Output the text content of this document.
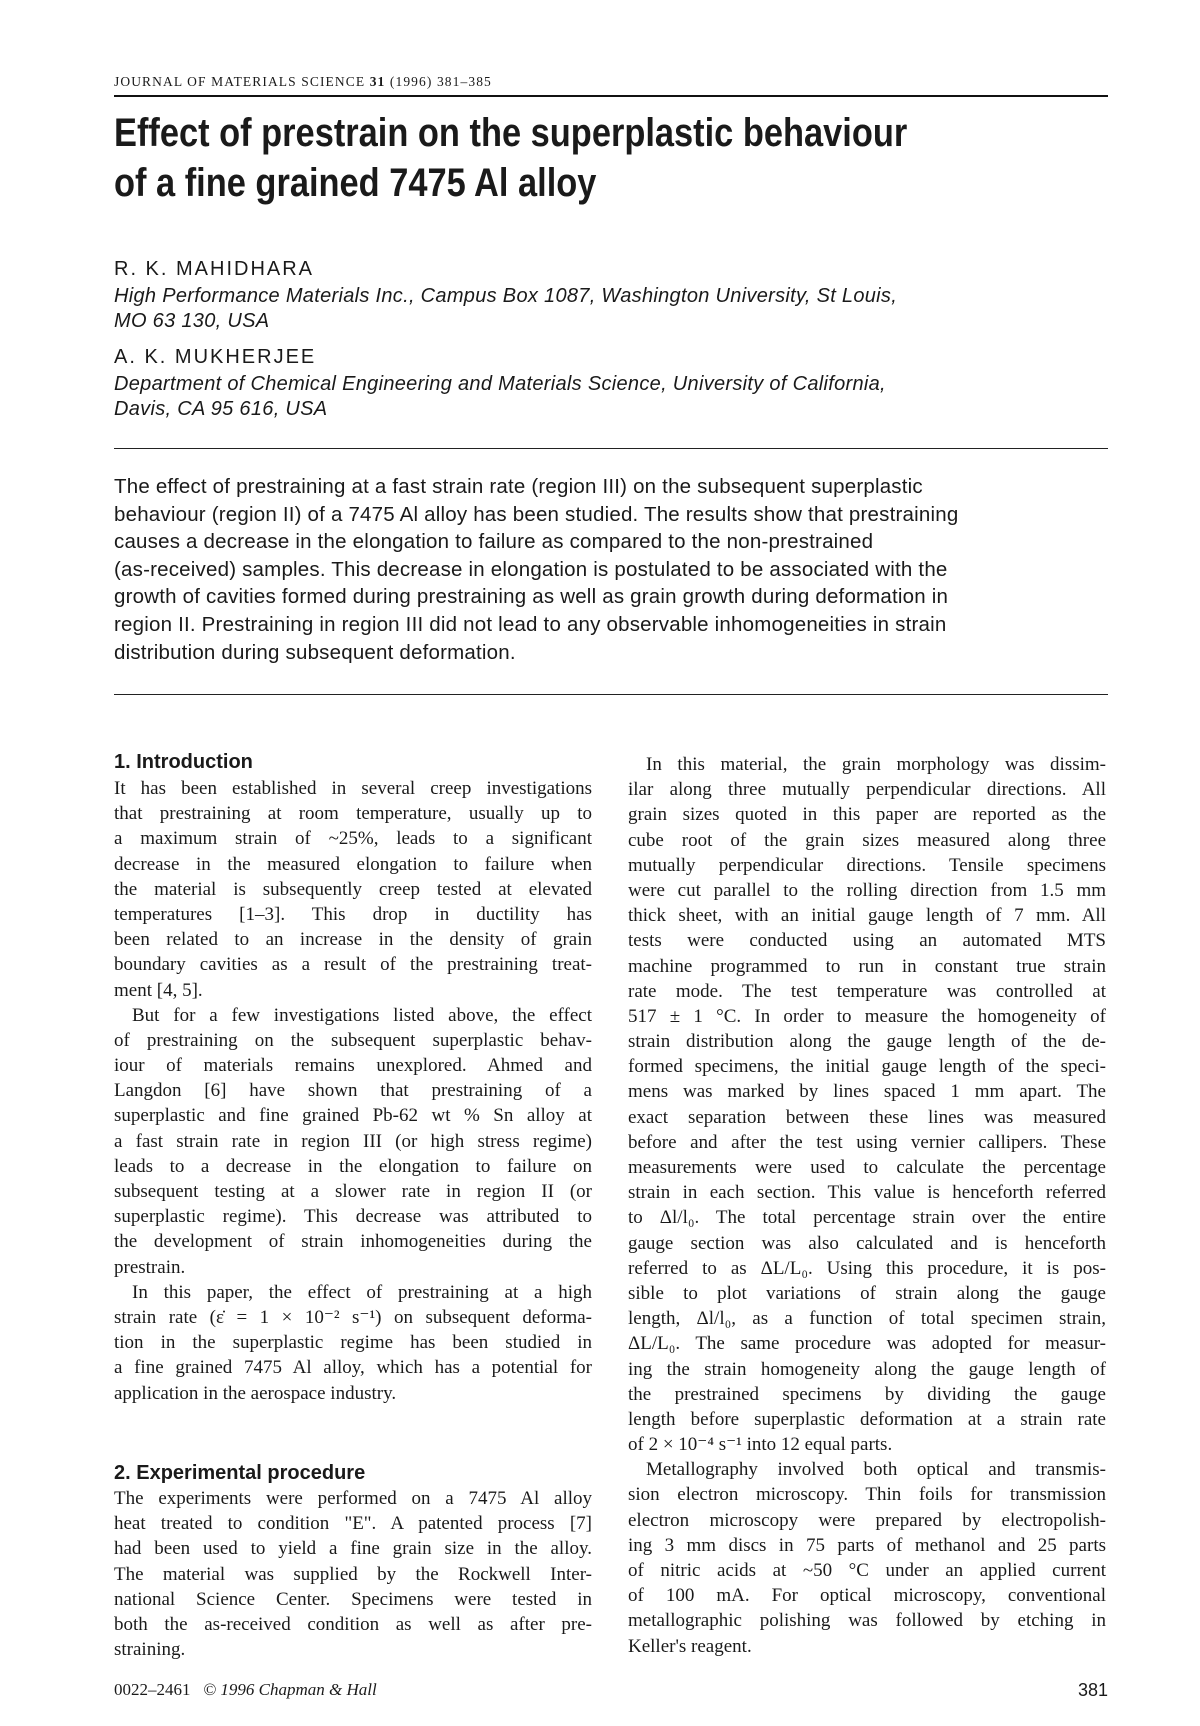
JOURNAL OF MATERIALS SCIENCE 31 (1996) 381–385
Effect of prestrain on the superplastic behaviour
of a fine grained 7475 Al alloy
R. K. MAHIDHARA
High Performance Materials Inc., Campus Box 1087, Washington University, St Louis,
MO 63 130, USA
A. K. MUKHERJEE
Department of Chemical Engineering and Materials Science, University of California,
Davis, CA 95 616, USA
The effect of prestraining at a fast strain rate (region III) on the subsequent superplastic
behaviour (region II) of a 7475 Al alloy has been studied. The results show that prestraining
causes a decrease in the elongation to failure as compared to the non-prestrained
(as-received) samples. This decrease in elongation is postulated to be associated with the
growth of cavities formed during prestraining as well as grain growth during deformation in
region II. Prestraining in region III did not lead to any observable inhomogeneities in strain
distribution during subsequent deformation.
1. Introduction
It has been established in several creep investigations
that prestraining at room temperature, usually up to
a maximum strain of ~25%, leads to a significant
decrease in the measured elongation to failure when
the material is subsequently creep tested at elevated
temperatures [1–3]. This drop in ductility has
been related to an increase in the density of grain
boundary cavities as a result of the prestraining treat-
ment [4, 5].
But for a few investigations listed above, the effect
of prestraining on the subsequent superplastic behav-
iour of materials remains unexplored. Ahmed and
Langdon [6] have shown that prestraining of a
superplastic and fine grained Pb-62 wt % Sn alloy at
a fast strain rate in region III (or high stress regime)
leads to a decrease in the elongation to failure on
subsequent testing at a slower rate in region II (or
superplastic regime). This decrease was attributed to
the development of strain inhomogeneities during the
prestrain.
In this paper, the effect of prestraining at a high
strain rate (ε̇ = 1 × 10⁻² s⁻¹) on subsequent deforma-
tion in the superplastic regime has been studied in
a fine grained 7475 Al alloy, which has a potential for
application in the aerospace industry.
2. Experimental procedure
The experiments were performed on a 7475 Al alloy
heat treated to condition "E". A patented process [7]
had been used to yield a fine grain size in the alloy.
The material was supplied by the Rockwell Inter-
national Science Center. Specimens were tested in
both the as-received condition as well as after pre-
straining.
In this material, the grain morphology was dissim-
ilar along three mutually perpendicular directions. All
grain sizes quoted in this paper are reported as the
cube root of the grain sizes measured along three
mutually perpendicular directions. Tensile specimens
were cut parallel to the rolling direction from 1.5 mm
thick sheet, with an initial gauge length of 7 mm. All
tests were conducted using an automated MTS
machine programmed to run in constant true strain
rate mode. The test temperature was controlled at
517 ± 1 °C. In order to measure the homogeneity of
strain distribution along the gauge length of the de-
formed specimens, the initial gauge length of the speci-
mens was marked by lines spaced 1 mm apart. The
exact separation between these lines was measured
before and after the test using vernier callipers. These
measurements were used to calculate the percentage
strain in each section. This value is henceforth referred
to Δl/l₀. The total percentage strain over the entire
gauge section was also calculated and is henceforth
referred to as ΔL/L₀. Using this procedure, it is pos-
sible to plot variations of strain along the gauge
length, Δl/l₀, as a function of total specimen strain,
ΔL/L₀. The same procedure was adopted for measur-
ing the strain homogeneity along the gauge length of
the prestrained specimens by dividing the gauge
length before superplastic deformation at a strain rate
of 2 × 10⁻⁴ s⁻¹ into 12 equal parts.
Metallography involved both optical and transmis-
sion electron microscopy. Thin foils for transmission
electron microscopy were prepared by electropolish-
ing 3 mm discs in 75 parts of methanol and 25 parts
of nitric acids at ~50 °C under an applied current
of 100 mA. For optical microscopy, conventional
metallographic polishing was followed by etching in
Keller's reagent.
0022–2461 © 1996 Chapman & Hall	381
